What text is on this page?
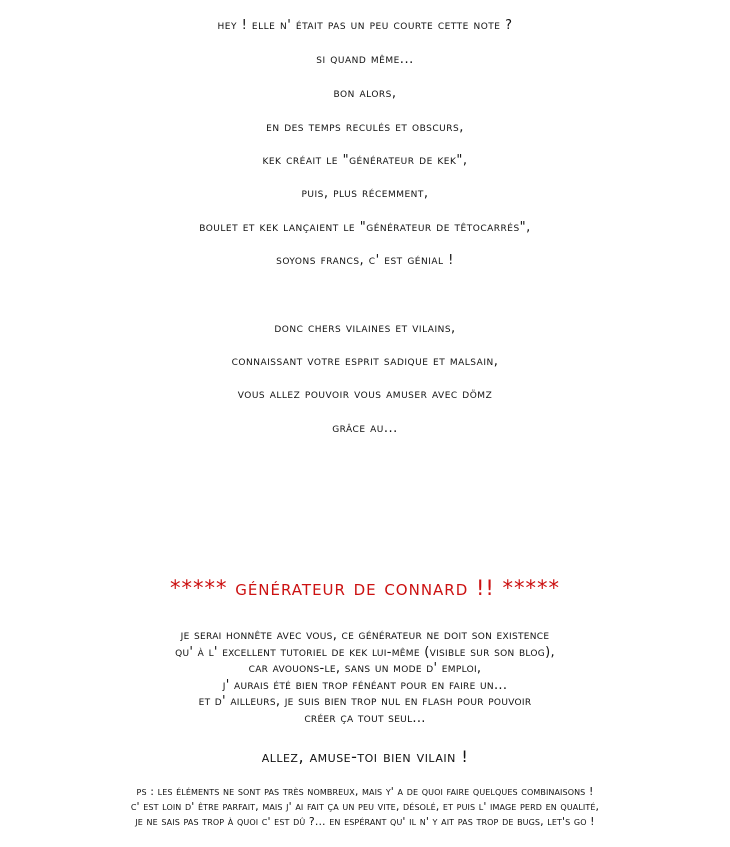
hey ! elle n' était pas un peu courte cette note ?
si quand même...
bon alors,
en des temps reculés et obscurs,
kek créait le "générateur de kek",
puis, plus récemment,
boulet et kek lançaient le "générateur de têtocarrés",
soyons francs, c' est génial !
donc chers vilaines et vilains,
connaissant votre esprit sadique et malsain,
vous allez pouvoir vous amuser avec dömz
grâce au...
***** générateur de connard !! *****
je serai honnête avec vous, ce générateur ne doit son existence
qu' à l' excellent tutoriel de kek lui-même (visible sur son blog),
car avouons-le, sans un mode d' emploi,
j' aurais été bien trop fénéant pour en faire un...
et d' ailleurs, je suis bien trop nul en flash pour pouvoir
créer ça tout seul...
allez, amuse-toi bien vilain !
ps : les éléments ne sont pas très nombreux, mais y' a de quoi faire quelques combinaisons !
c' est loin d' être parfait, mais j' ai fait ça un peu vite, désolé, et puis l' image perd en qualité,
je ne sais pas trop à quoi c' est dû ?... en espérant qu' il n' y ait pas trop de bugs, let's go !
